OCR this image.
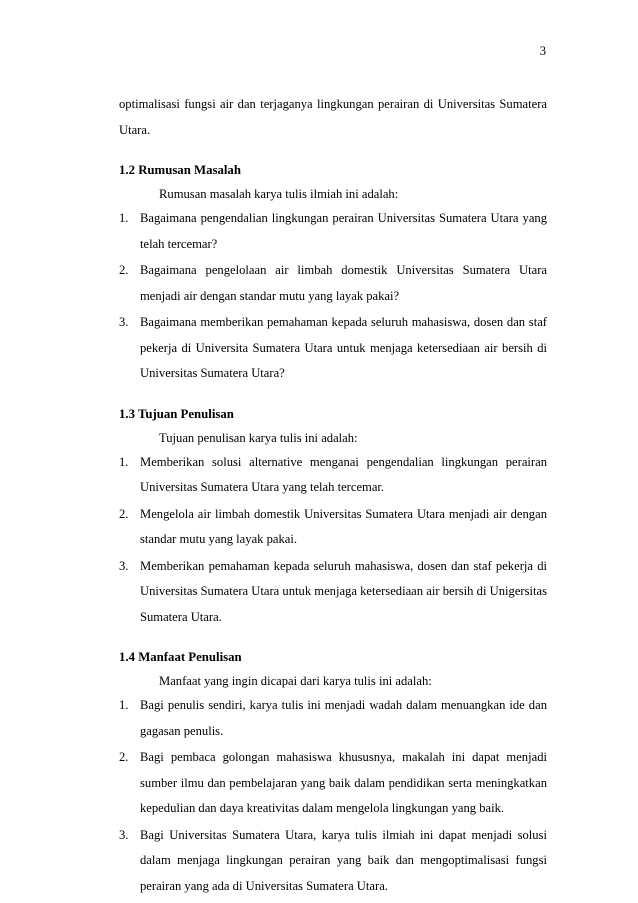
3

optimalisasi fungsi air dan terjaganya lingkungan perairan di Universitas Sumatera Utara.

1.2 Rumusan Masalah
Rumusan masalah karya tulis ilmiah ini adalah:
1. Bagaimana pengendalian lingkungan perairan Universitas Sumatera Utara yang telah tercemar?
2. Bagaimana pengelolaan air limbah domestik Universitas Sumatera Utara menjadi air dengan standar mutu yang layak pakai?
3. Bagaimana memberikan pemahaman kepada seluruh mahasiswa, dosen dan staf pekerja di Universita Sumatera Utara untuk menjaga ketersediaan air bersih di Universitas Sumatera Utara?
1.3 Tujuan Penulisan
Tujuan penulisan karya tulis ini adalah:
1. Memberikan solusi alternative menganai pengendalian lingkungan perairan Universitas Sumatera Utara yang telah tercemar.
2. Mengelola air limbah domestik Universitas Sumatera Utara menjadi air dengan standar mutu yang layak pakai.
3. Memberikan pemahaman kepada seluruh mahasiswa, dosen dan staf pekerja di Universitas Sumatera Utara untuk menjaga ketersediaan air bersih di Unigersitas Sumatera Utara.
1.4 Manfaat Penulisan
Manfaat yang ingin dicapai dari karya tulis ini adalah:
1. Bagi penulis sendiri, karya tulis ini menjadi wadah dalam menuangkan ide dan gagasan penulis.
2. Bagi pembaca golongan mahasiswa khususnya, makalah ini dapat menjadi sumber ilmu dan pembelajaran yang baik dalam pendidikan serta meningkatkan kepedulian dan daya kreativitas dalam mengelola lingkungan yang baik.
3. Bagi Universitas Sumatera Utara, karya tulis ilmiah ini dapat menjadi solusi dalam menjaga lingkungan perairan yang baik dan mengoptimalisasi fungsi perairan yang ada di Universitas Sumatera Utara.
